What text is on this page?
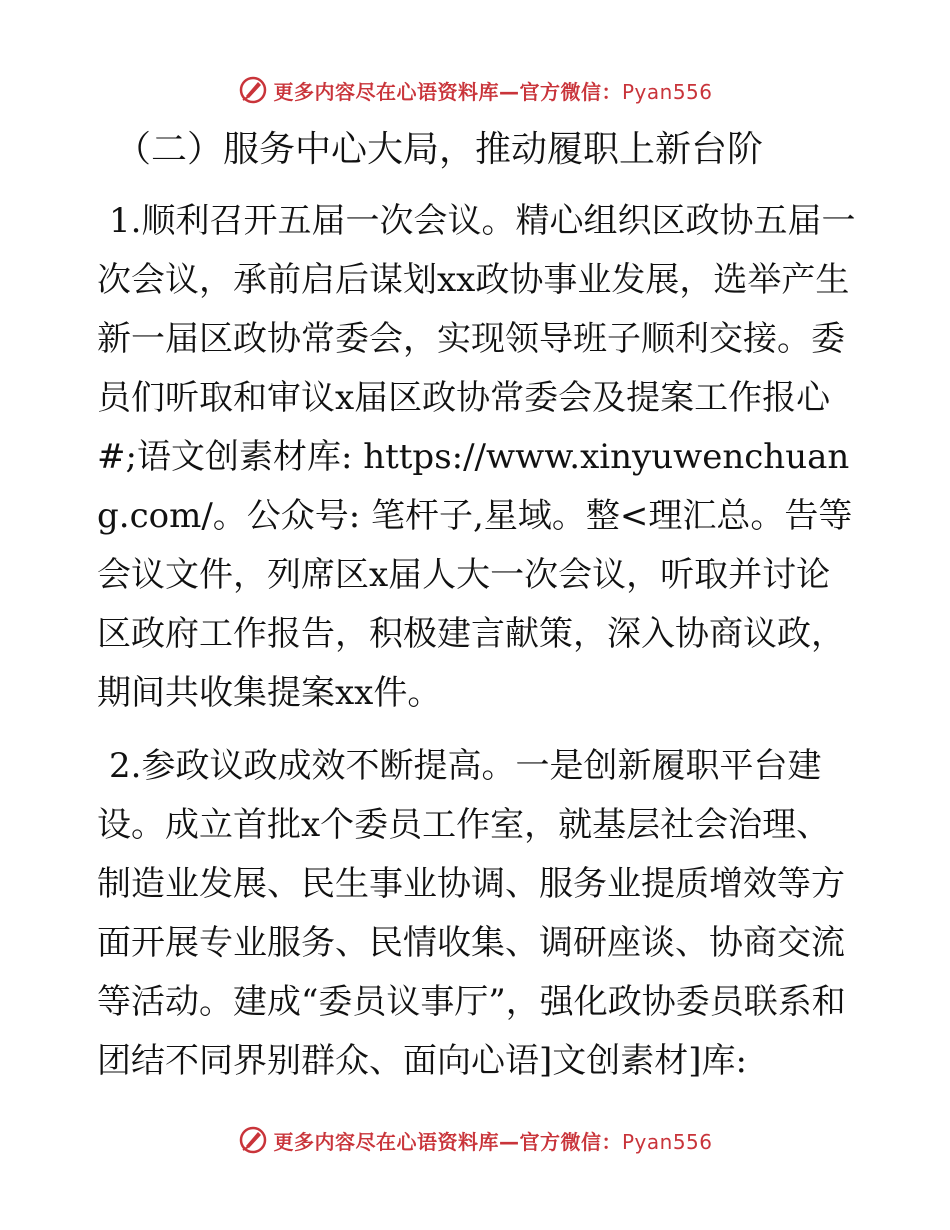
更多内容尽在心语资料库—官方微信：Pyan556
（二）服务中心大局，推动履职上新台阶
1.顺利召开五届一次会议。精心组织区政协五届一次会议，承前启后谋划xx政协事业发展，选举产生新一届区政协常委会，实现领导班子顺利交接。委员们听取和审议x届区政协常委会及提案工作报心#;语文创素材库: https://www.xinyuwenchuang.com/。公众号: 笔杆子,星域。整<理汇总。告等会议文件，列席区x届人大一次会议，听取并讨论区政府工作报告，积极建言献策，深入协商议政，期间共收集提案xx件。
2.参政议政成效不断提高。一是创新履职平台建设。成立首批x个委员工作室，就基层社会治理、制造业发展、民生事业协调、服务业提质增效等方面开展专业服务、民情收集、调研座谈、协商交流等活动。建成“委员议事厅”，强化政协委员联系和团结不同界别群众、面向心语]文创素材]库:
更多内容尽在心语资料库—官方微信：Pyan556
